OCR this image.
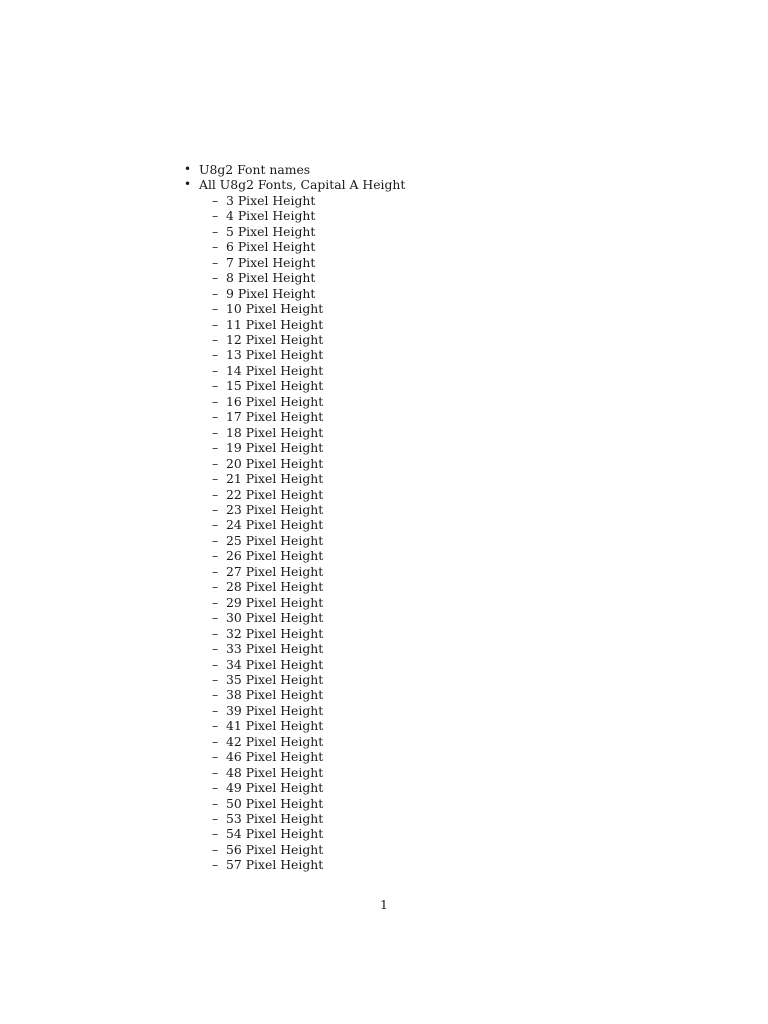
• U8g2 Font names
• All U8g2 Fonts, Capital A Height
– 3 Pixel Height
– 4 Pixel Height
– 5 Pixel Height
– 6 Pixel Height
– 7 Pixel Height
– 8 Pixel Height
– 9 Pixel Height
– 10 Pixel Height
– 11 Pixel Height
– 12 Pixel Height
– 13 Pixel Height
– 14 Pixel Height
– 15 Pixel Height
– 16 Pixel Height
– 17 Pixel Height
– 18 Pixel Height
– 19 Pixel Height
– 20 Pixel Height
– 21 Pixel Height
– 22 Pixel Height
– 23 Pixel Height
– 24 Pixel Height
– 25 Pixel Height
– 26 Pixel Height
– 27 Pixel Height
– 28 Pixel Height
– 29 Pixel Height
– 30 Pixel Height
– 32 Pixel Height
– 33 Pixel Height
– 34 Pixel Height
– 35 Pixel Height
– 38 Pixel Height
– 39 Pixel Height
– 41 Pixel Height
– 42 Pixel Height
– 46 Pixel Height
– 48 Pixel Height
– 49 Pixel Height
– 50 Pixel Height
– 53 Pixel Height
– 54 Pixel Height
– 56 Pixel Height
– 57 Pixel Height
1
